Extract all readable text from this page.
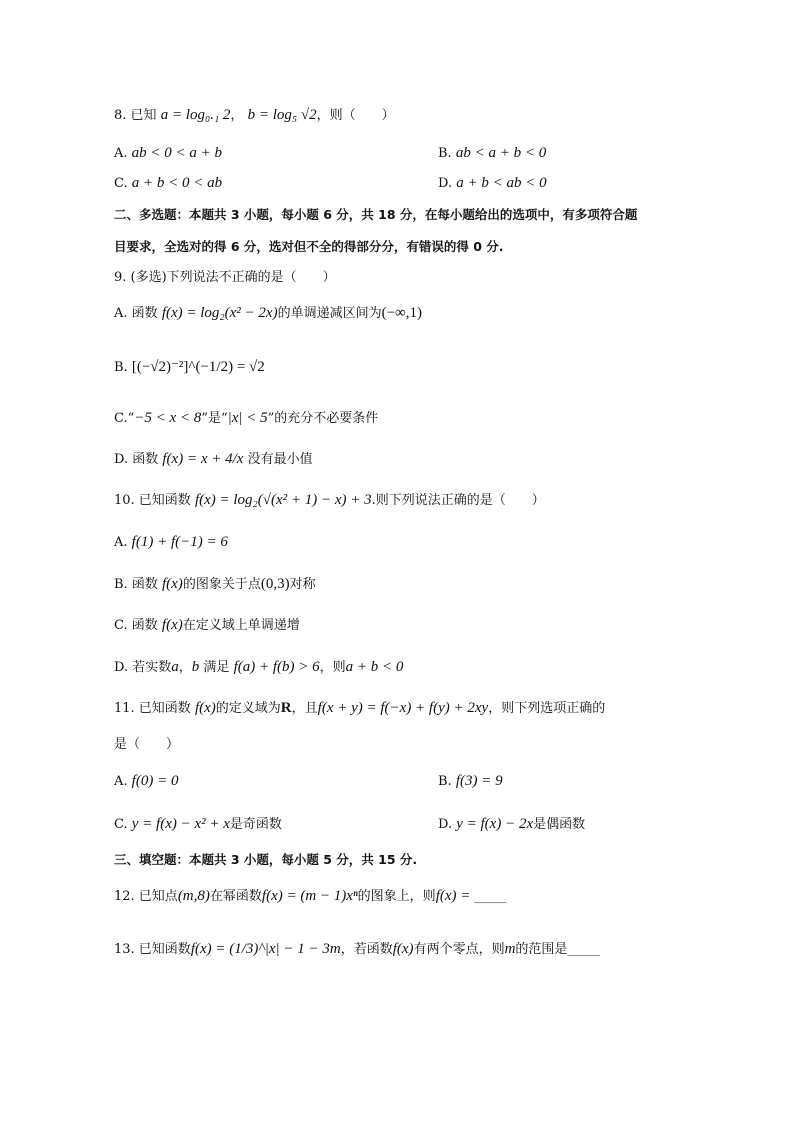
8. 已知 a = log₀.₁ 2， b = log₅ √2，则（　　）
A. ab < 0 < a + b	B. ab < a + b < 0
C. a + b < 0 < ab	D. a + b < ab < 0
二、多选题：本题共 3 小题，每小题 6 分，共 18 分，在每小题给出的选项中，有多项符合题
目要求，全选对的得 6 分，选对但不全的得部分分，有错误的得 0 分.
9. (多选)下列说法不正确的是（　　）
A. 函数 f(x) = log₂(x² − 2x)的单调递减区间为(−∞,1)
B. [(−√2)⁻²]^(−1/2) = √2
C.“−5 < x < 8”是“|x| < 5”的充分不必要条件
D. 函数 f(x) = x + 4/x 没有最小值
10. 已知函数 f(x) = log₂(√(x² + 1) − x) + 3.则下列说法正确的是（　　）
A. f(1) + f(−1) = 6
B. 函数 f(x)的图象关于点(0,3)对称
C. 函数 f(x)在定义域上单调递增
D. 若实数a，b 满足 f(a) + f(b) > 6，则a + b < 0
11. 已知函数 f(x)的定义域为R，且f(x + y) = f(−x) + f(y) + 2xy，则下列选项正确的
是（　　）
A. f(0) = 0	B. f(3) = 9
C. y = f(x) − x² + x是奇函数	D. y = f(x) − 2x是偶函数
三、填空题：本题共 3 小题，每小题 5 分，共 15 分.
12. 已知点(m,8)在幂函数f(x) = (m − 1)xⁿ的图象上，则f(x) = _____
13. 已知函数f(x) = (1/3)^|x| − 1 − 3m，若函数f(x)有两个零点，则m的范围是_____
